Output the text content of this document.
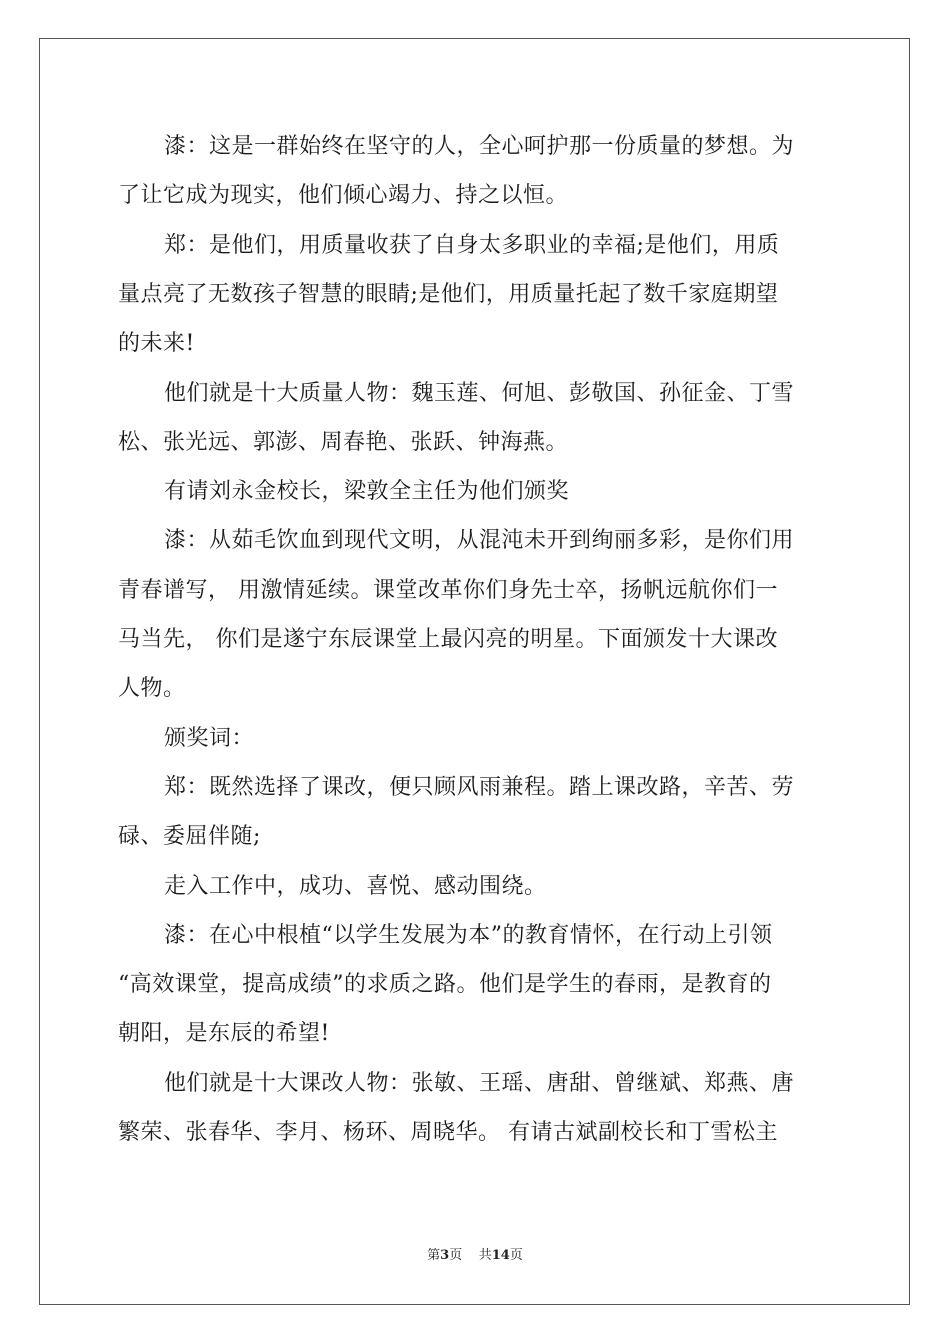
漆：这是一群始终在坚守的人，全心呵护那一份质量的梦想。为
了让它成为现实，他们倾心竭力、持之以恒。
郑：是他们，用质量收获了自身太多职业的幸福;是他们，用质
量点亮了无数孩子智慧的眼睛;是他们，用质量托起了数千家庭期望
的未来!
他们就是十大质量人物：魏玉莲、何旭、彭敬国、孙征金、丁雪
松、张光远、郭澎、周春艳、张跃、钟海燕。
有请刘永金校长，梁敦全主任为他们颁奖
漆：从茹毛饮血到现代文明，从混沌未开到绚丽多彩，是你们用
青春谱写， 用激情延续。课堂改革你们身先士卒，扬帆远航你们一
马当先， 你们是遂宁东辰课堂上最闪亮的明星。下面颁发十大课改
人物。
颁奖词：
郑：既然选择了课改，便只顾风雨兼程。踏上课改路，辛苦、劳
碌、委屈伴随;
走入工作中，成功、喜悦、感动围绕。
漆：在心中根植“以学生发展为本”的教育情怀，在行动上引领
“高效课堂，提高成绩”的求质之路。他们是学生的春雨，是教育的
朝阳，是东辰的希望!
他们就是十大课改人物：张敏、王瑶、唐甜、曾继斌、郑燕、唐
繁荣、张春华、李月、杨环、周晓华。 有请古斌副校长和丁雪松主
第3页 共14页
